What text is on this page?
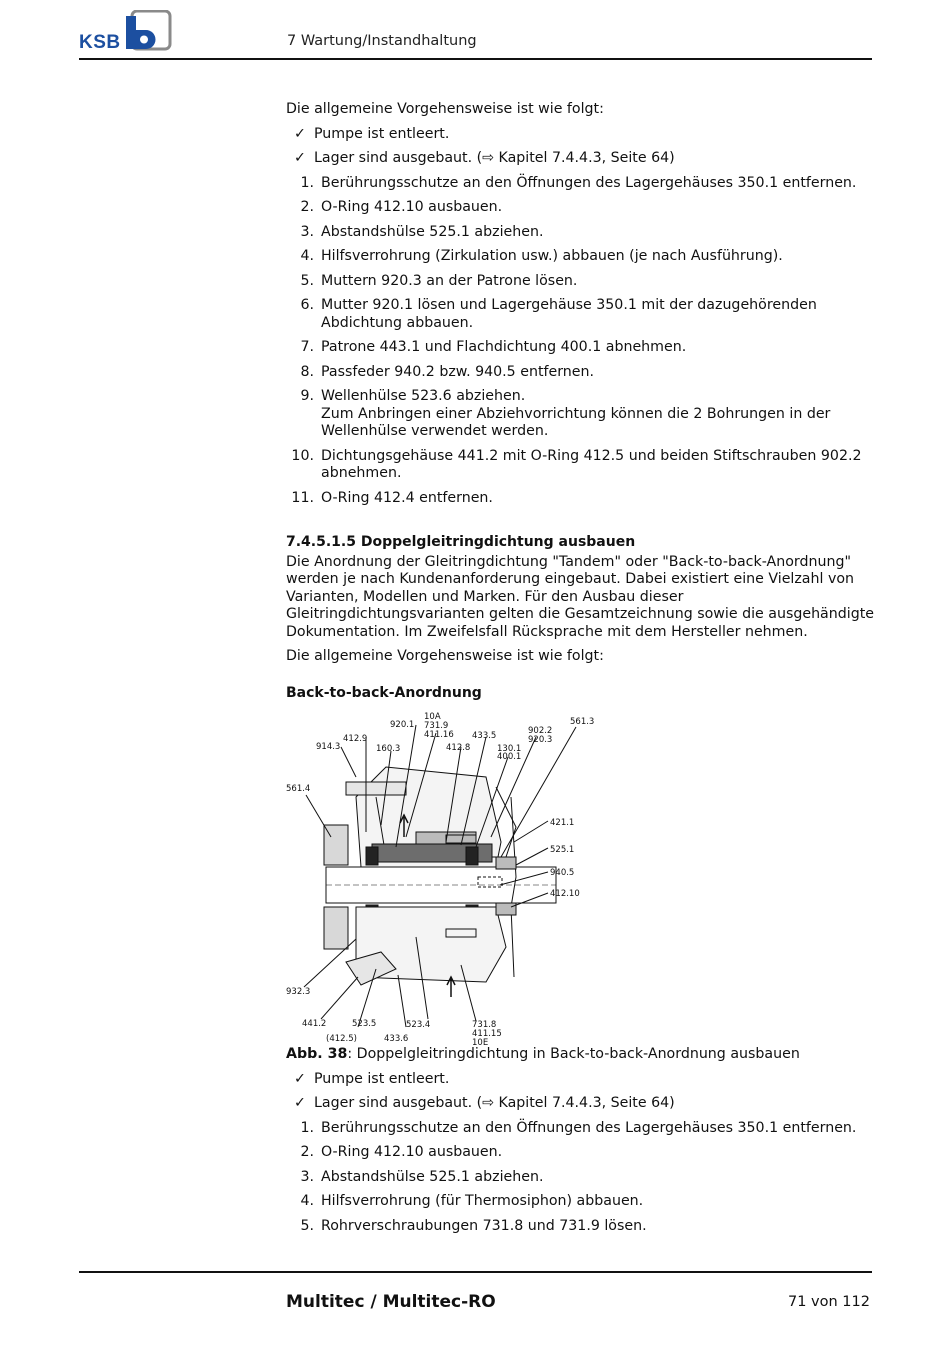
KSB	7 Wartung/Instandhaltung

Die allgemeine Vorgehensweise ist wie folgt:

✓ Pumpe ist entleert.
✓ Lager sind ausgebaut. (⇨ Kapitel 7.4.4.3, Seite 64)
1. Berührungsschutze an den Öffnungen des Lagergehäuses 350.1 entfernen.
2. O-Ring 412.10 ausbauen.
3. Abstandshülse 525.1 abziehen.
4. Hilfsverrohrung (Zirkulation usw.) abbauen (je nach Ausführung).
5. Muttern 920.3 an der Patrone lösen.
6. Mutter 920.1 lösen und Lagergehäuse 350.1 mit der dazugehörenden Abdichtung abbauen.
7. Patrone 443.1 und Flachdichtung 400.1 abnehmen.
8. Passfeder 940.2 bzw. 940.5 entfernen.
9. Wellenhülse 523.6 abziehen.
Zum Anbringen einer Abziehvorrichtung können die 2 Bohrungen in der Wellenhülse verwendet werden.
10. Dichtungsgehäuse 441.2 mit O-Ring 412.5 und beiden Stiftschrauben 902.2 abnehmen.
11. O-Ring 412.4 entfernen.

7.4.5.1.5 Doppelgleitringdichtung ausbauen

Die Anordnung der Gleitringdichtung "Tandem" oder "Back-to-back-Anordnung" werden je nach Kundenanforderung eingebaut. Dabei existiert eine Vielzahl von Varianten, Modellen und Marken. Für den Ausbau dieser Gleitringdichtungsvarianten gelten die Gesamtzeichnung sowie die ausgehändigte Dokumentation. Im Zweifelsfall Rücksprache mit dem Hersteller nehmen.

Die allgemeine Vorgehensweise ist wie folgt:

Back-to-back-Anordnung

10A
731.9
411.16
920.1
412.9
914.3	160.3	412.8
433.5
130.1
400.1
902.2
920.3
561.3
561.4
421.1
525.1
940.5
412.10
932.3
441.2
(412.5)
523.5
433.6
523.4	731.8
411.15
10E

Abb. 38: Doppelgleitringdichtung in Back-to-back-Anordnung ausbauen

✓ Pumpe ist entleert.
✓ Lager sind ausgebaut. (⇨ Kapitel 7.4.4.3, Seite 64)
1. Berührungsschutze an den Öffnungen des Lagergehäuses 350.1 entfernen.
2. O-Ring 412.10 ausbauen.
3. Abstandshülse 525.1 abziehen.
4. Hilfsverrohrung (für Thermosiphon) abbauen.
5. Rohrverschraubungen 731.8 und 731.9 lösen.
Multitec / Multitec-RO	71 von 112
